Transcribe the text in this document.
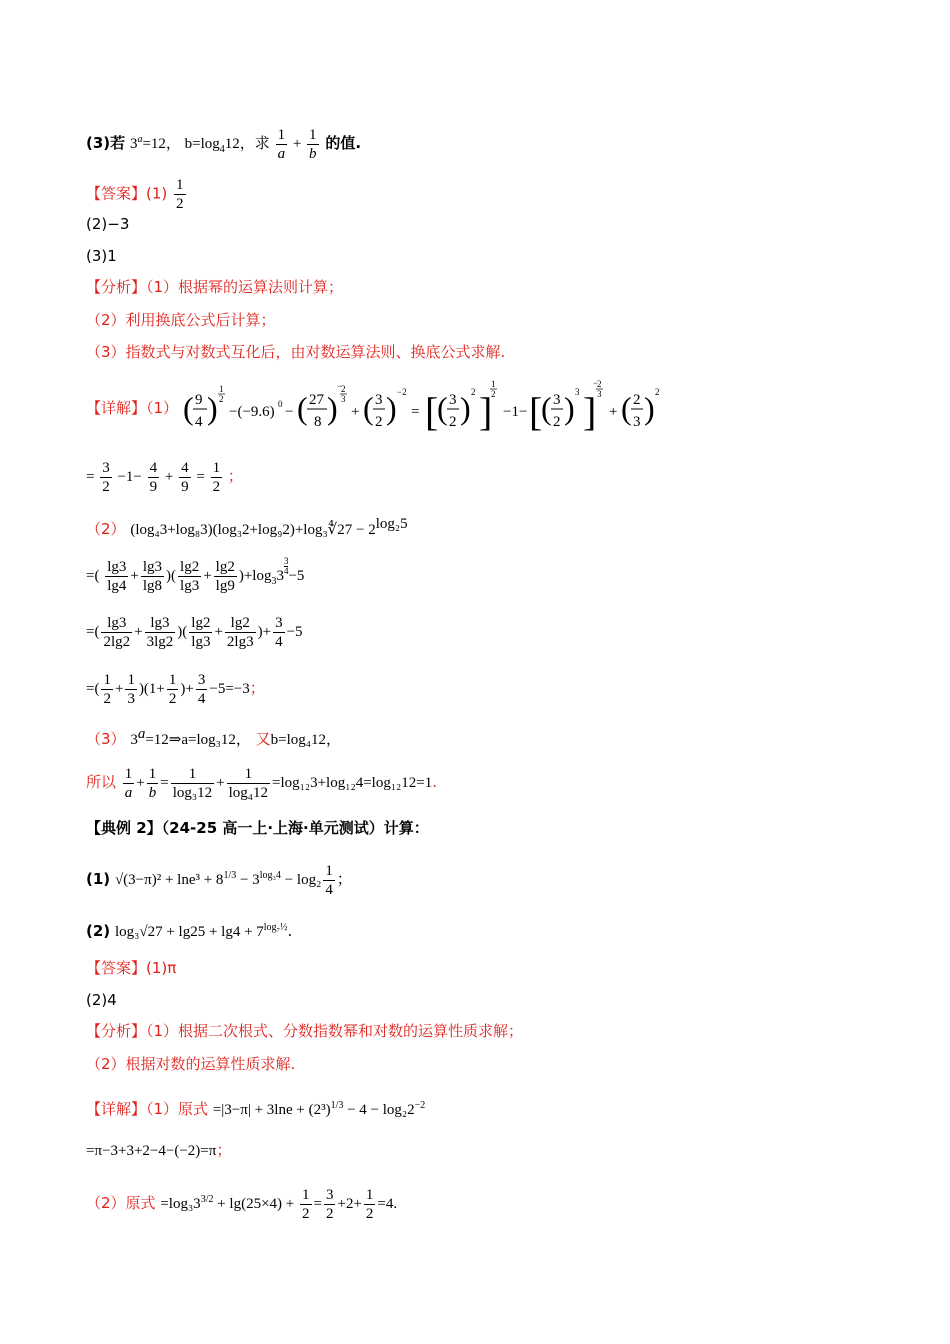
(3)若 $3^a=12$， $b=\log_412$，求 $\frac{1}{a} + \frac{1}{b}$ 的值.
【答案】$(1) \frac{1}{2}$
(2)−3
(3)1
【分析】（1）根据幂的运算法则计算；
（2）利用换底公式后计算；
（3）指数式与对数式互化后，由对数运算法则、换底公式求解.
【详解】（1） ( 9
4 )
1
2
−(−9.6) 0 − ( 27
8 )
−
2
3
+ ( 3
2 ) −2
= [
( 3
2 ) 2 ]
1
2
−1− [
( 3
2 ) 3 ]
−
2
3
+ ( 2
3 ) 2
= $\frac{3}{2} -1- \frac{4}{9} + \frac{4}{9} = \frac{1}{2}$ ；
（2） (log₄3+log₈3)(log₃2+log₉2)+log₃∜27 − $2^{log_25}$
=( $\frac{\lg 3}{\lg 4} + \frac{\lg 3}{\lg 8}$ )( $\frac{\lg 2}{\lg 3} + \frac{\lg 2}{\lg 9} )+\log_33 \frac{3}{4} -5$
=( $\frac{\lg 3}{2\lg 2} + \frac{\lg 3}{3\lg 2}$ )( $\frac{\lg 2}{\lg 3} + \frac{\lg 2}{2\lg 3}$ )+ $\frac{3}{4} -5$
=( $\frac{1}{2} + \frac{1}{3} )(1+ \frac{1}{2}$ )+ $\frac{3}{4} -5=-3$；
（3） $3^a=12\Rightarrow a=\log_312$， 又b=log₄12，
所以 $\frac{1}{a} + \frac{1}{b} = \frac{1}{\text{log₃12}} + \frac{1}{\text{log₄12}} =\log_{12}3+\log_{12}4=\log_{12}12=1$.
【典例 2】（24-25 高一上·上海·单元测试）计算：
(1) $√(3-\pi)^2 + \ln e^3 + 8^{1/3} - 3^{log_34} - \log_2 \frac{1}{4}$ ；
(2) $\log_3√27 + \lg 25 + \lg 4 + 7^{log_7\frac{1}{2}}$.
【答案】(1)π
(2)4
【分析】（1）根据二次根式、分数指数幂和对数的运算性质求解；
（2）根据对数的运算性质求解.
【详解】（1）原式 $=|3-\pi| + 3\ln e + (2^3)^{1/3} - 4 - \log_22^{-2}$
=π−3+3+2−4−(−2)=π；
（2）原式 $=\log_33^{3/2} + \lg(25\times 4) + \frac{1}{2} = \frac{3}{2} +2+ \frac{1}{2} =4$.
